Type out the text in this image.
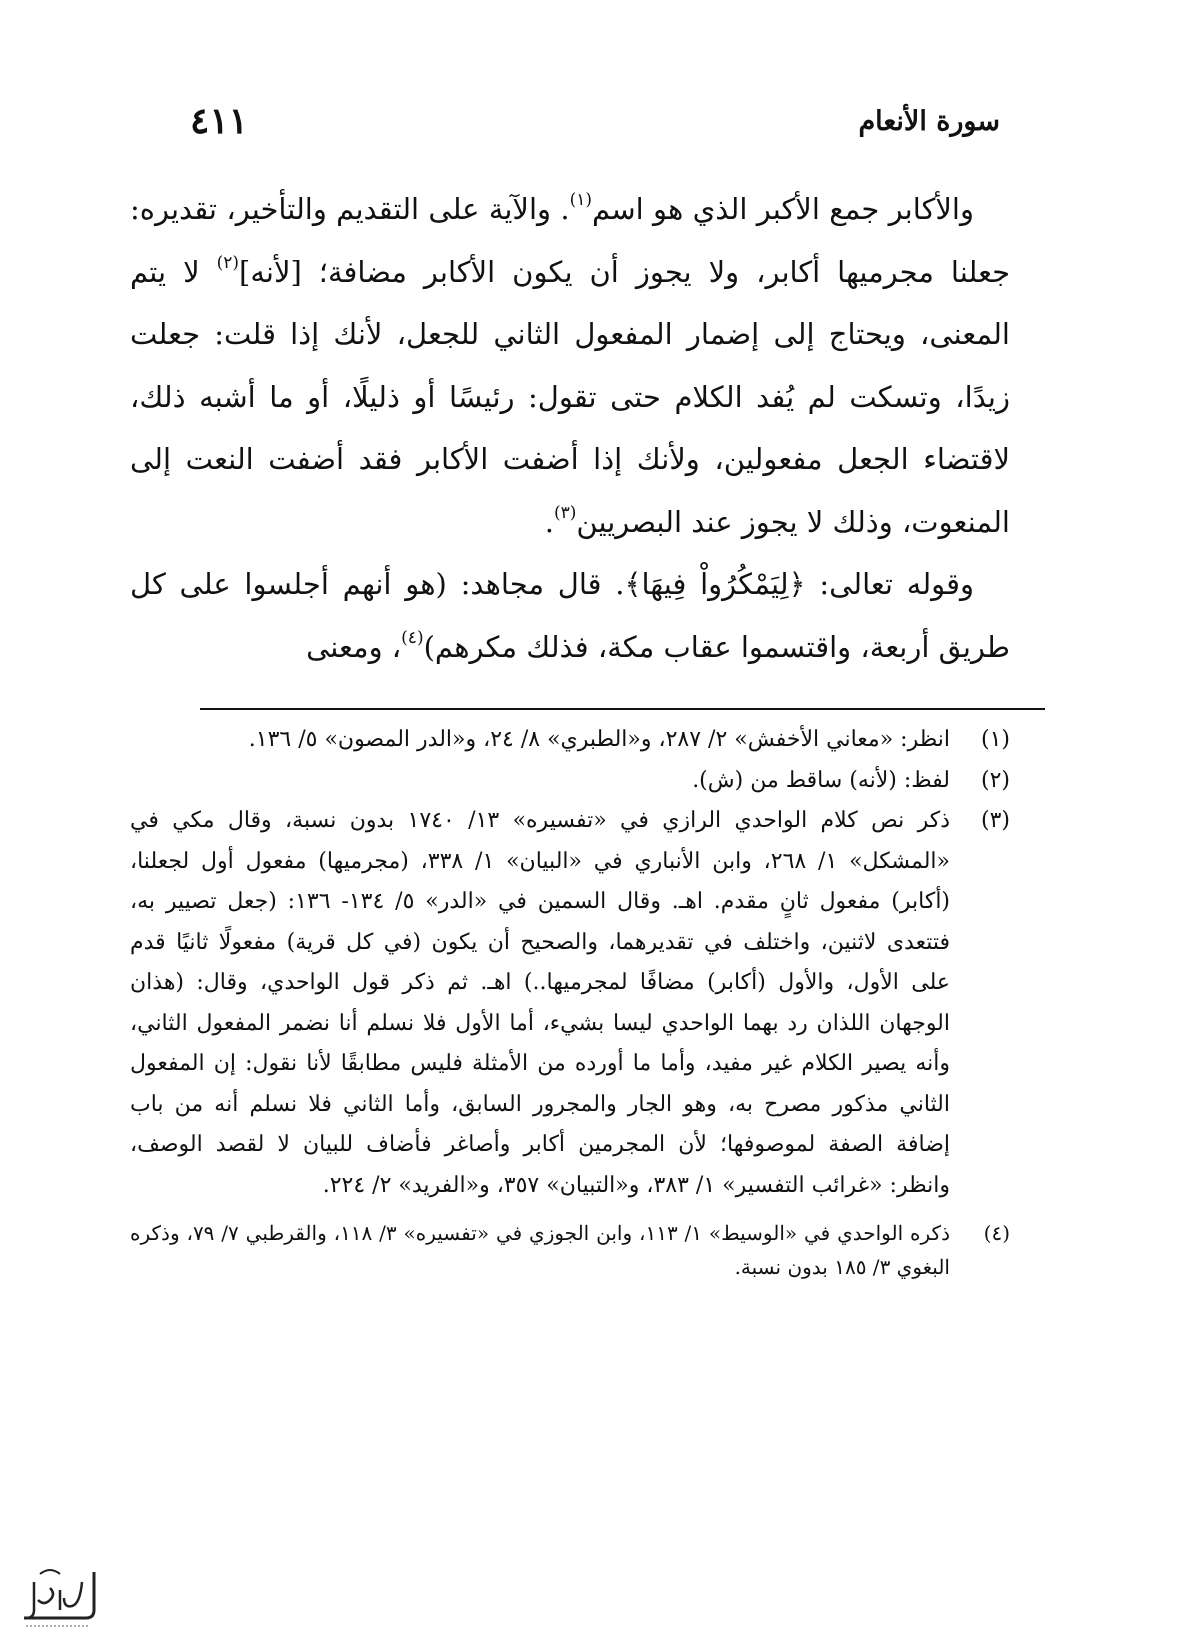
سورة الأنعام
٤١١

والأكابر جمع الأكبر الذي هو اسم$^{(١)}$. والآية على التقديم والتأخير، تقديره: جعلنا مجرميها أكابر، ولا يجوز أن يكون الأكابر مضافة؛ [لأنه]$^{(٢)}$ لا يتم المعنى، ويحتاج إلى إضمار المفعول الثاني للجعل، لأنك إذا قلت: جعلت زيدًا، وتسكت لم يُفد الكلام حتى تقول: رئيسًا أو ذليلًا، أو ما أشبه ذلك، لاقتضاء الجعل مفعولين، ولأنك إذا أضفت الأكابر فقد أضفت النعت إلى المنعوت، وذلك لا يجوز عند البصريين$^{(٣)}$.

وقوله تعالى: ﴿لِيَمْكُرُواْ فِيهَا﴾. قال مجاهد: (هو أنهم أجلسوا على كل طريق أربعة، واقتسموا عقاب مكة، فذلك مكرهم)$^{(٤)}$، ومعنى

(١)
انظر: «معاني الأخفش» ٢/ ٢٨٧، و«الطبري» ٨/ ٢٤، و«الدر المصون» ٥/ ١٣٦.
(٢)
لفظ: (لأنه) ساقط من (ش).
(٣)
ذكر نص كلام الواحدي الرازي في «تفسيره» ١٣/ ١٧٤٠ بدون نسبة، وقال مكي في «المشكل» ١/ ٢٦٨، وابن الأنباري في «البيان» ١/ ٣٣٨، (مجرميها) مفعول أول لجعلنا، (أكابر) مفعول ثانٍ مقدم. اهـ. وقال السمين في «الدر» ٥/ ١٣٤- ١٣٦: (جعل تصيير به، فتتعدى لاثنين، واختلف في تقديرهما، والصحيح أن يكون (في كل قرية) مفعولًا ثانيًا قدم على الأول، والأول (أكابر) مضافًا لمجرميها..) اهـ. ثم ذكر قول الواحدي، وقال: (هذان الوجهان اللذان رد بهما الواحدي ليسا بشيء، أما الأول فلا نسلم أنا نضمر المفعول الثاني، وأنه يصير الكلام غير مفيد، وأما ما أورده من الأمثلة فليس مطابقًا لأنا نقول: إن المفعول الثاني مذكور مصرح به، وهو الجار والمجرور السابق، وأما الثاني فلا نسلم أنه من باب إضافة الصفة لموصوفها؛ لأن المجرمين أكابر وأصاغر فأضاف للبيان لا لقصد الوصف، وانظر: «غرائب التفسير» ١/ ٣٨٣، و«التبيان» ٣٥٧، و«الفريد» ٢/ ٢٢٤.
(٤)
ذكره الواحدي في «الوسيط» ١/ ١١٣، وابن الجوزي في «تفسيره» ٣/ ١١٨، والقرطبي ٧/ ٧٩، وذكره البغوي ٣/ ١٨٥ بدون نسبة.
